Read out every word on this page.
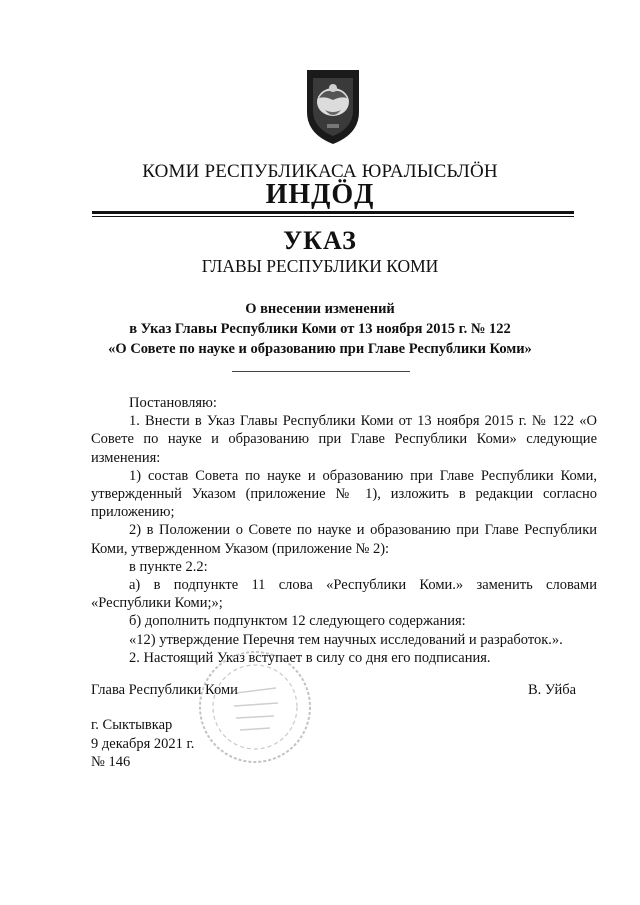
КОМИ РЕСПУБЛИКАСА ЮРАЛЫСЬЛӦН
ИНДӦД
УКАЗ
ГЛАВЫ РЕСПУБЛИКИ КОМИ
О внесении изменений
в Указ Главы Республики Коми от 13 ноября 2015 г. № 122
«О Совете по науке и образованию при Главе Республики Коми»

Постановляю:

1. Внести в Указ Главы Республики Коми от 13 ноября 2015 г. № 122 «О Совете по науке и образованию при Главе Республики Коми» следующие изменения:

1) состав Совета по науке и образованию при Главе Республики Коми, утвержденный Указом (приложение № 1), изложить в редакции согласно приложению;

2) в Положении о Совете по науке и образованию при Главе Республики Коми, утвержденном Указом (приложение № 2):

в пункте 2.2:

а) в подпункте 11 слова «Республики Коми.» заменить словами «Республики Коми;»;

б) дополнить подпунктом 12 следующего содержания:

«12) утверждение Перечня тем научных исследований и разработок.».

2. Настоящий Указ вступает в силу со дня его подписания.

Глава Республики Коми	В. Уйба
г. Сыктывкар
9 декабря 2021 г.
№ 146
